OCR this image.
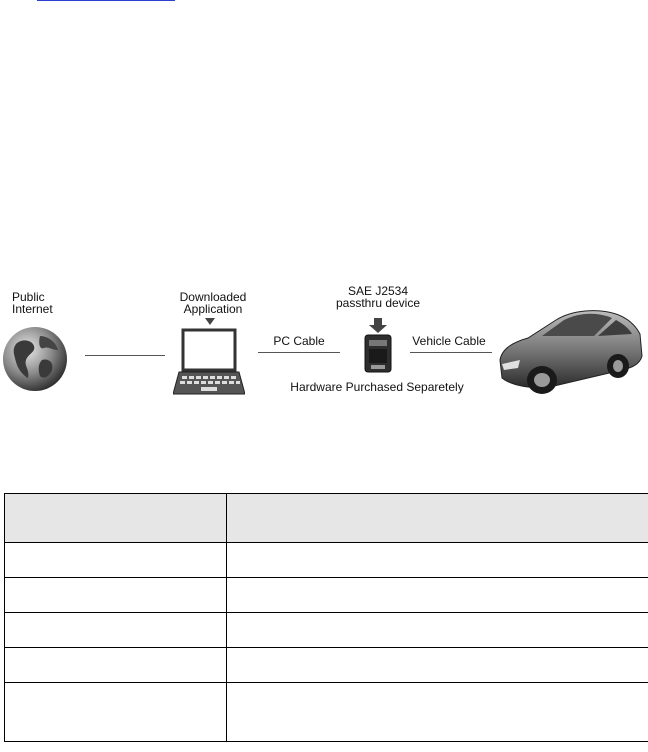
Public
Internet
Downloaded
Application
PC Cable
SAE J2534
passthru device
Vehicle Cable
Hardware Purchased Separetely
